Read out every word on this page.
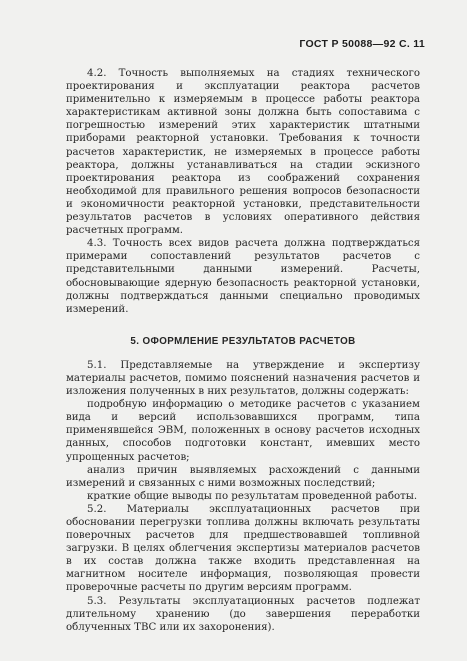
ГОСТ Р 50088—92 С. 11

4.2. Точность выполняемых на стадиях технического проектирования и эксплуатации реактора расчетов применительно к измеряемым в процессе работы реактора характеристикам активной зоны должна быть сопоставима с погрешностью измерений этих характеристик штатными приборами реакторной установки. Требования к точности расчетов характеристик, не измеряемых в процессе работы реактора, должны устанавливаться на стадии эскизного проектирования реактора из соображений сохранения необходимой для правильного решения вопросов безопасности и экономичности реакторной установки, представительности результатов расчетов в условиях оперативного действия расчетных программ.

4.3. Точность всех видов расчета должна подтверждаться примерами сопоставлений результатов расчетов с представительными данными измерений. Расчеты, обосновывающие ядерную безопасность реакторной установки, должны подтверждаться данными специально проводимых измерений.

5. ОФОРМЛЕНИЕ РЕЗУЛЬТАТОВ РАСЧЕТОВ

5.1. Представляемые на утверждение и экспертизу материалы расчетов, помимо пояснений назначения расчетов и изложения полученных в них результатов, должны содержать:

подробную информацию о методике расчетов с указанием вида и версий использовавшихся программ, типа применявшейся ЭВМ, положенных в основу расчетов исходных данных, способов подготовки констант, имевших место упрощенных расчетов;

анализ причин выявляемых расхождений с данными измерений и связанных с ними возможных последствий;

краткие общие выводы по результатам проведенной работы.

5.2. Материалы эксплуатационных расчетов при обосновании перегрузки топлива должны включать результаты поверочных расчетов для предшествовавшей топливной загрузки. В целях облегчения экспертизы материалов расчетов в их состав должна также входить представленная на магнитном носителе информация, позволяющая провести проверочные расчеты по другим версиям программ.

5.3. Результаты эксплуатационных расчетов подлежат длительному хранению (до завершения переработки облученных ТВС или их захоронения).
